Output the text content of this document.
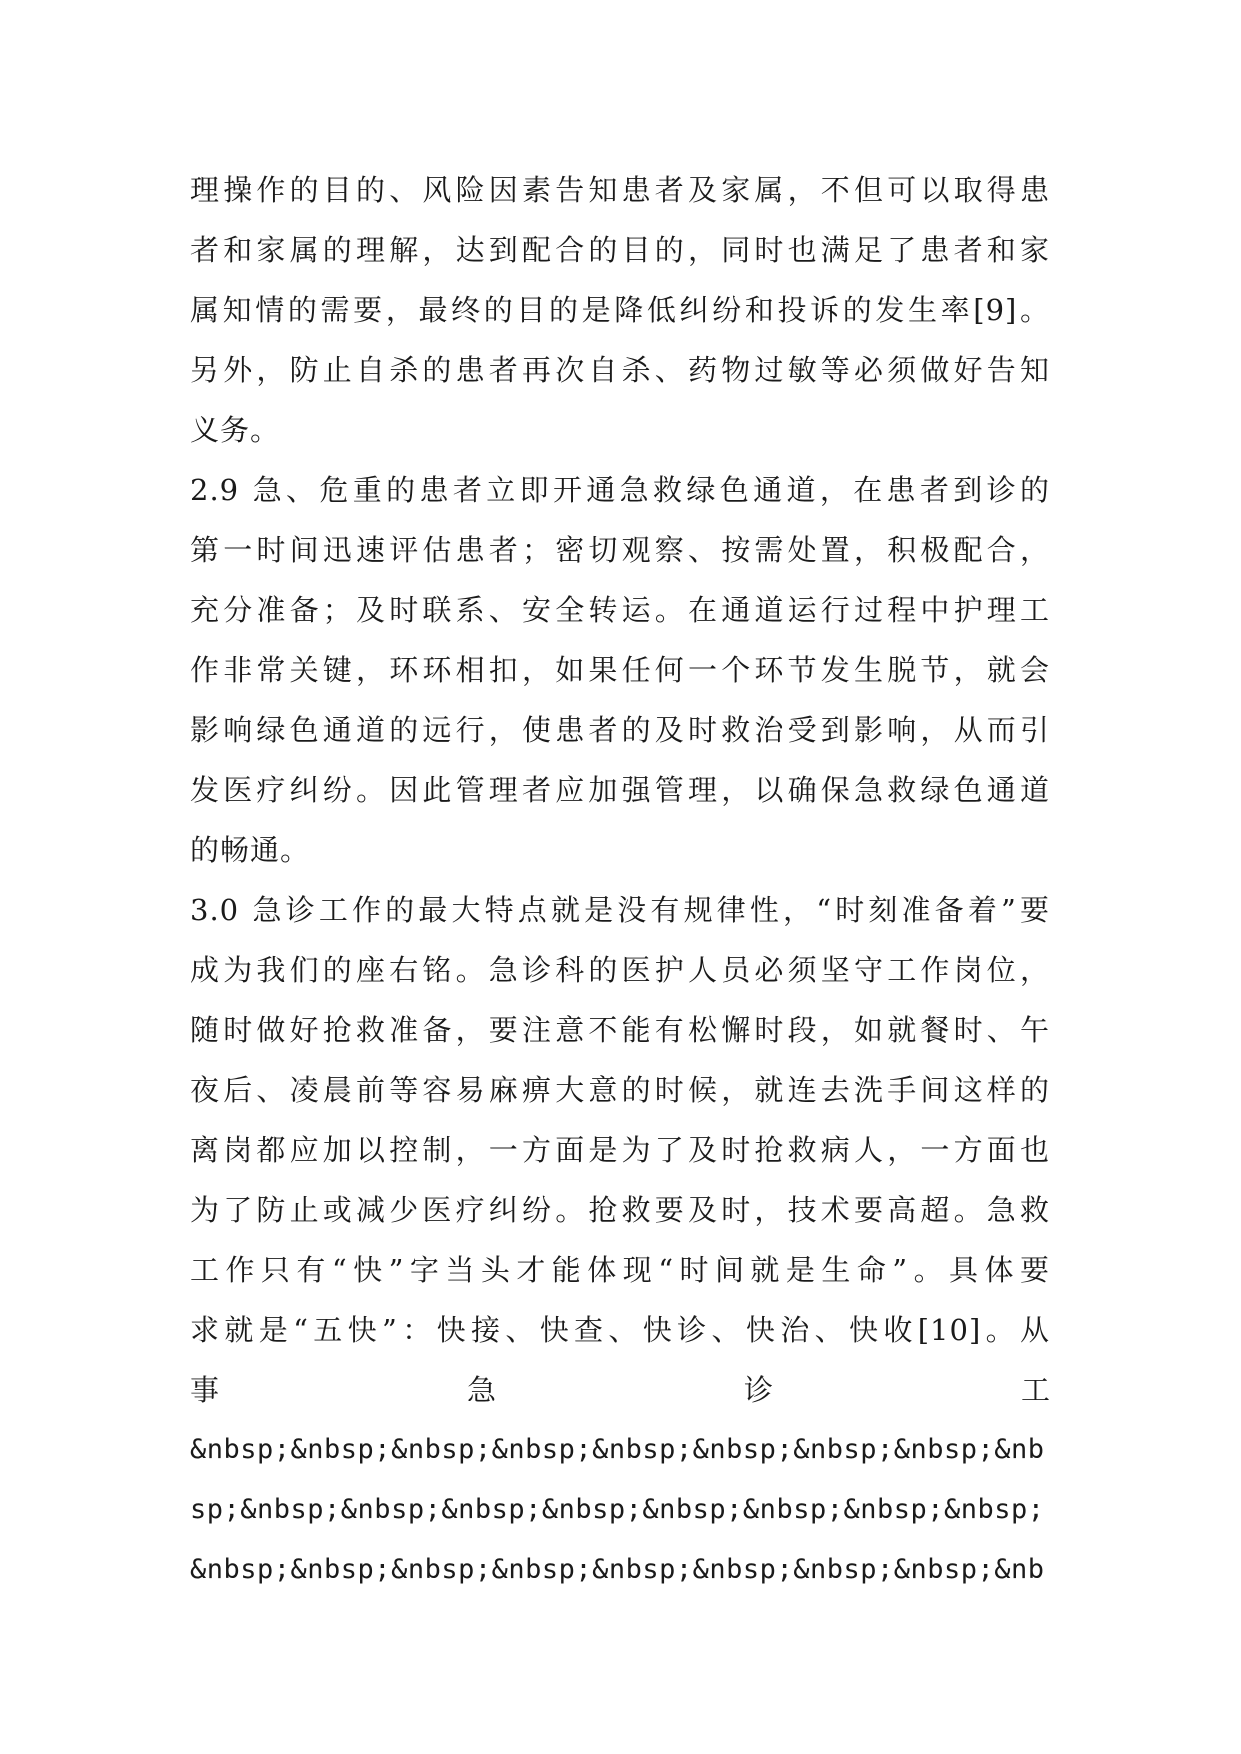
理操作的目的、风险因素告知患者及家属，不但可以取得患
者和家属的理解，达到配合的目的，同时也满足了患者和家
属知情的需要，最终的目的是降低纠纷和投诉的发生率[9]。
另外，防止自杀的患者再次自杀、药物过敏等必须做好告知
义务。
2.9 急、危重的患者立即开通急救绿色通道，在患者到诊的
第一时间迅速评估患者；密切观察、按需处置，积极配合，
充分准备；及时联系、安全转运。在通道运行过程中护理工
作非常关键，环环相扣，如果任何一个环节发生脱节，就会
影响绿色通道的远行，使患者的及时救治受到影响，从而引
发医疗纠纷。因此管理者应加强管理，以确保急救绿色通道
的畅通。
3.0 急诊工作的最大特点就是没有规律性，“时刻准备着”要
成为我们的座右铭。急诊科的医护人员必须坚守工作岗位，
随时做好抢救准备，要注意不能有松懈时段，如就餐时、午
夜后、凌晨前等容易麻痹大意的时候，就连去洗手间这样的
离岗都应加以控制，一方面是为了及时抢救病人，一方面也
为了防止或减少医疗纠纷。抢救要及时，技术要高超。急救
工作只有“快”字当头才能体现“时间就是生命”。具体要
求就是“五快”：快接、快查、快诊、快治、快收[10]。从
事	急	诊	工
&nbsp;&nbsp;&nbsp;&nbsp;&nbsp;&nbsp;&nbsp;&nbsp;&nb
sp;&nbsp;&nbsp;&nbsp;&nbsp;&nbsp;&nbsp;&nbsp;&nbsp;
&nbsp;&nbsp;&nbsp;&nbsp;&nbsp;&nbsp;&nbsp;&nbsp;&nb
